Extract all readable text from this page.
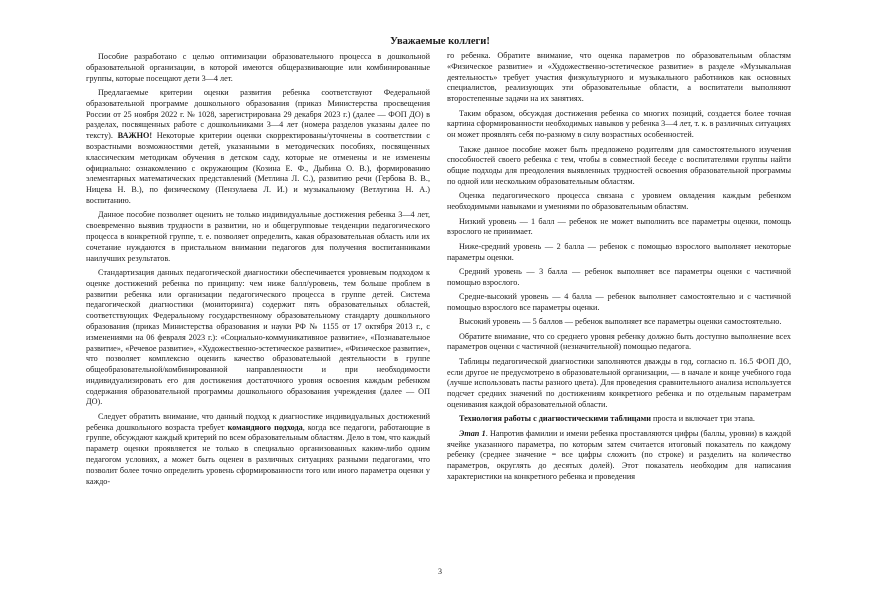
Уважаемые коллеги!

Пособие разработано с целью оптимизации образовательного процесса в дошкольной образовательной организации, в которой имеются общеразвивающие или комбинированные группы, которые посещают дети 3—4 лет.

Предлагаемые критерии оценки развития ребенка соответствуют Федеральной образовательной программе дошкольного образования (приказ Министерства просвещения России от 25 ноября 2022 г. № 1028, зарегистрирована 29 декабря 2023 г.) (далее — ФОП ДО) в разделах, посвященных работе с дошкольниками 3—4 лет (номера разделов указаны далее по тексту). ВАЖНО! Некоторые критерии оценки скорректированы/уточнены в соответствии с возрастными возможностями детей, указанными в методических пособиях, посвященных классическим методикам обучения в детском саду, которые не отменены и не изменены официально: ознакомлению с окружающим (Козина Е. Ф., Дыбина О. В.), формированию элементарных математических представлений (Метлина Л. С.), развитию речи (Гербова В. В., Ницева Н. В.), по физическому (Пензулаева Л. И.) и музыкальному (Ветлугина Н. А.) воспитанию.

Данное пособие позволяет оценить не только индивидуальные достижения ребенка 3—4 лет, своевременно выявив трудности в развитии, но и общегрупповые тенденции педагогического процесса в конкретной группе, т. е. позволяет определить, какая образовательная область или их сочетание нуждаются в пристальном внимании педагогов для получения воспитанниками наилучших результатов.

Стандартизация данных педагогической диагностики обеспечивается уровневым подходом к оценке достижений ребенка по принципу: чем ниже балл/уровень, тем больше проблем в развитии ребенка или организации педагогического процесса в группе детей. Система педагогической диагностики (мониторинга) содержит пять образовательных областей, соответствующих Федеральному государственному образовательному стандарту дошкольного образования (приказ Министерства образования и науки РФ № 1155 от 17 октября 2013 г., с изменениями на 06 февраля 2023 г.): «Социально-коммуникативное развитие», «Познавательное развитие», «Речевое развитие», «Художественно-эстетическое развитие», «Физическое развитие», что позволяет комплексно оценить качество образовательной деятельности в группе общеобразовательной/комбинированной направленности и при необходимости индивидуализировать его для достижения достаточного уровня освоения каждым ребенком содержания образовательной программы дошкольного образования учреждения (далее — ОП ДО).

Следует обратить внимание, что данный подход к диагностике индивидуальных достижений ребенка дошкольного возраста требует командного подхода, когда все педагоги, работающие в группе, обсуждают каждый критерий по всем образовательным областям. Дело в том, что каждый параметр оценки проявляется не только в специально организованных каким-либо одним педагогом условиях, а может быть оценен в различных ситуациях разными педагогами, что позволит более точно определить уровень сформированности того или иного параметра оценки у каждо-

го ребенка. Обратите внимание, что оценка параметров по образовательным областям «Физическое развитие» и «Художественно-эстетическое развитие» в разделе «Музыкальная деятельность» требует участия физкультурного и музыкального работников как основных специалистов, реализующих эти образовательные области, а воспитатели выполняют второстепенные задачи на их занятиях.

Таким образом, обсуждая достижения ребенка со многих позиций, создается более точная картина сформированности необходимых навыков у ребенка 3—4 лет, т. к. в различных ситуациях он может проявлять себя по-разному в силу возрастных особенностей.

Также данное пособие может быть предложено родителям для самостоятельного изучения способностей своего ребенка с тем, чтобы в совместной беседе с воспитателями группы найти общие подходы для преодоления выявленных трудностей освоения образовательной программы по одной или нескольким образовательным областям.

Оценка педагогического процесса связана с уровнем овладения каждым ребенком необходимыми навыками и умениями по образовательным областям.

Низкий уровень — 1 балл — ребенок не может выполнить все параметры оценки, помощь взрослого не принимает.

Ниже-средний уровень — 2 балла — ребенок с помощью взрослого выполняет некоторые параметры оценки.

Средний уровень — 3 балла — ребенок выполняет все параметры оценки с частичной помощью взрослого.

Средне-высокий уровень — 4 балла — ребенок выполняет самостоятельно и с частичной помощью взрослого все параметры оценки.

Высокий уровень — 5 баллов — ребенок выполняет все параметры оценки самостоятельно.

Обратите внимание, что со среднего уровня ребенку должно быть доступно выполнение всех параметров оценки с частичной (незначительной) помощью педагога.

Таблицы педагогической диагностики заполняются дважды в год, согласно п. 16.5 ФОП ДО, если другое не предусмотрено в образовательной организации, — в начале и конце учебного года (лучше использовать пасты разного цвета). Для проведения сравнительного анализа используется подсчет средних значений по достижениям конкретного ребенка и по отдельным параметрам оценивания каждой образовательной области.

Технология работы с диагностическими таблицами проста и включает три этапа.

Этап 1. Напротив фамилии и имени ребенка проставляются цифры (баллы, уровни) в каждой ячейке указанного параметра, по которым затем считается итоговый показатель по каждому ребенку (среднее значение = все цифры сложить (по строке) и разделить на количество параметров, округлять до десятых долей). Этот показатель необходим для написания характеристики на конкретного ребенка и проведения

3
